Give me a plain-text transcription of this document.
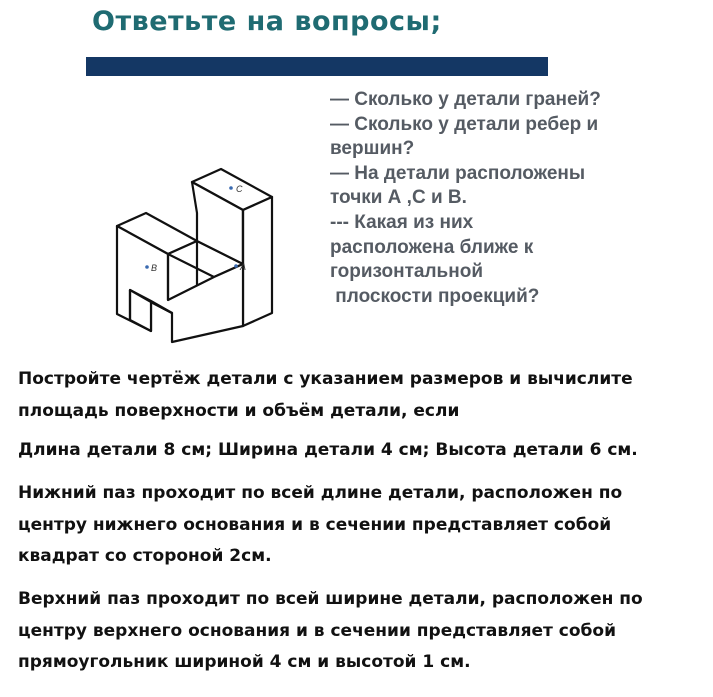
Ответьте на вопросы;
C
B	A
— Сколько у детали граней?
— Сколько у детали ребер и
вершин?
— На детали расположены
точки А ,С и В.
--- Какая из них
расположена ближе к
горизонтальной
плоскости проекций?

Постройте чертёж детали с указанием размеров и вычислите
площадь поверхности и объём детали, если

Длина детали 8 см; Ширина детали 4 см; Высота детали 6 см.

Нижний паз проходит по всей длине детали, расположен по
центру нижнего основания и в сечении представляет собой
квадрат со стороной 2см.

Верхний паз проходит по всей ширине детали, расположен по
центру верхнего основания и в сечении представляет собой
прямоугольник шириной 4 см и высотой 1 см.
